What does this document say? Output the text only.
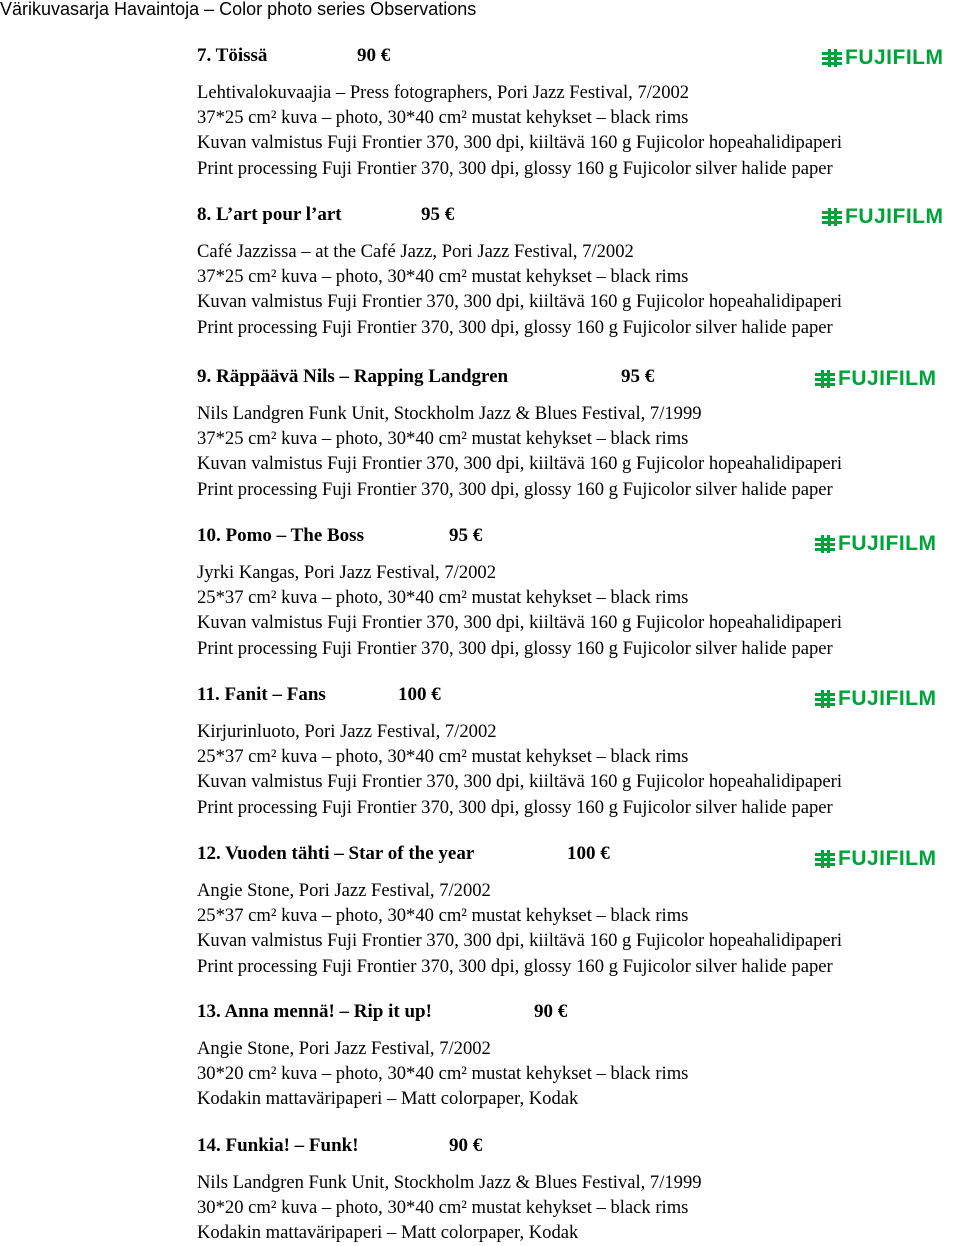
Värikuvasarja Havaintoja – Color photo series Observations
7. Töissä	90 €
Lehtivalokuvaajia – Press fotographers, Pori Jazz Festival, 7/2002
37*25 cm² kuva – photo, 30*40 cm² mustat kehykset – black rims
Kuvan valmistus Fuji Frontier 370, 300 dpi, kiiltävä 160 g Fujicolor hopeahalidipaperi
Print processing Fuji Frontier 370, 300 dpi, glossy 160 g Fujicolor silver halide paper
FUJIFILM
8. L’art pour l’art	95 €
Café Jazzissa – at the Café Jazz, Pori Jazz Festival, 7/2002
37*25 cm² kuva – photo, 30*40 cm² mustat kehykset – black rims
Kuvan valmistus Fuji Frontier 370, 300 dpi, kiiltävä 160 g Fujicolor hopeahalidipaperi
Print processing Fuji Frontier 370, 300 dpi, glossy 160 g Fujicolor silver halide paper
FUJIFILM
9. Räppäävä Nils – Rapping Landgren	95 €
Nils Landgren Funk Unit, Stockholm Jazz & Blues Festival, 7/1999
37*25 cm² kuva – photo, 30*40 cm² mustat kehykset – black rims
Kuvan valmistus Fuji Frontier 370, 300 dpi, kiiltävä 160 g Fujicolor hopeahalidipaperi
Print processing Fuji Frontier 370, 300 dpi, glossy 160 g Fujicolor silver halide paper
FUJIFILM
10. Pomo – The Boss	95 €
Jyrki Kangas, Pori Jazz Festival, 7/2002
25*37 cm² kuva – photo, 30*40 cm² mustat kehykset – black rims
Kuvan valmistus Fuji Frontier 370, 300 dpi, kiiltävä 160 g Fujicolor hopeahalidipaperi
Print processing Fuji Frontier 370, 300 dpi, glossy 160 g Fujicolor silver halide paper
FUJIFILM
11. Fanit – Fans	100 €
Kirjurinluoto, Pori Jazz Festival, 7/2002
25*37 cm² kuva – photo, 30*40 cm² mustat kehykset – black rims
Kuvan valmistus Fuji Frontier 370, 300 dpi, kiiltävä 160 g Fujicolor hopeahalidipaperi
Print processing Fuji Frontier 370, 300 dpi, glossy 160 g Fujicolor silver halide paper
FUJIFILM
12. Vuoden tähti – Star of the year	100 €
Angie Stone, Pori Jazz Festival, 7/2002
25*37 cm² kuva – photo, 30*40 cm² mustat kehykset – black rims
Kuvan valmistus Fuji Frontier 370, 300 dpi, kiiltävä 160 g Fujicolor hopeahalidipaperi
Print processing Fuji Frontier 370, 300 dpi, glossy 160 g Fujicolor silver halide paper
FUJIFILM
13. Anna mennä! – Rip it up!	90 €
Angie Stone, Pori Jazz Festival, 7/2002
30*20 cm² kuva – photo, 30*40 cm² mustat kehykset – black rims
Kodakin mattaväripaperi – Matt colorpaper, Kodak
14. Funkia! – Funk!	90 €
Nils Landgren Funk Unit, Stockholm Jazz & Blues Festival, 7/1999
30*20 cm² kuva – photo, 30*40 cm² mustat kehykset – black rims
Kodakin mattaväripaperi – Matt colorpaper, Kodak
